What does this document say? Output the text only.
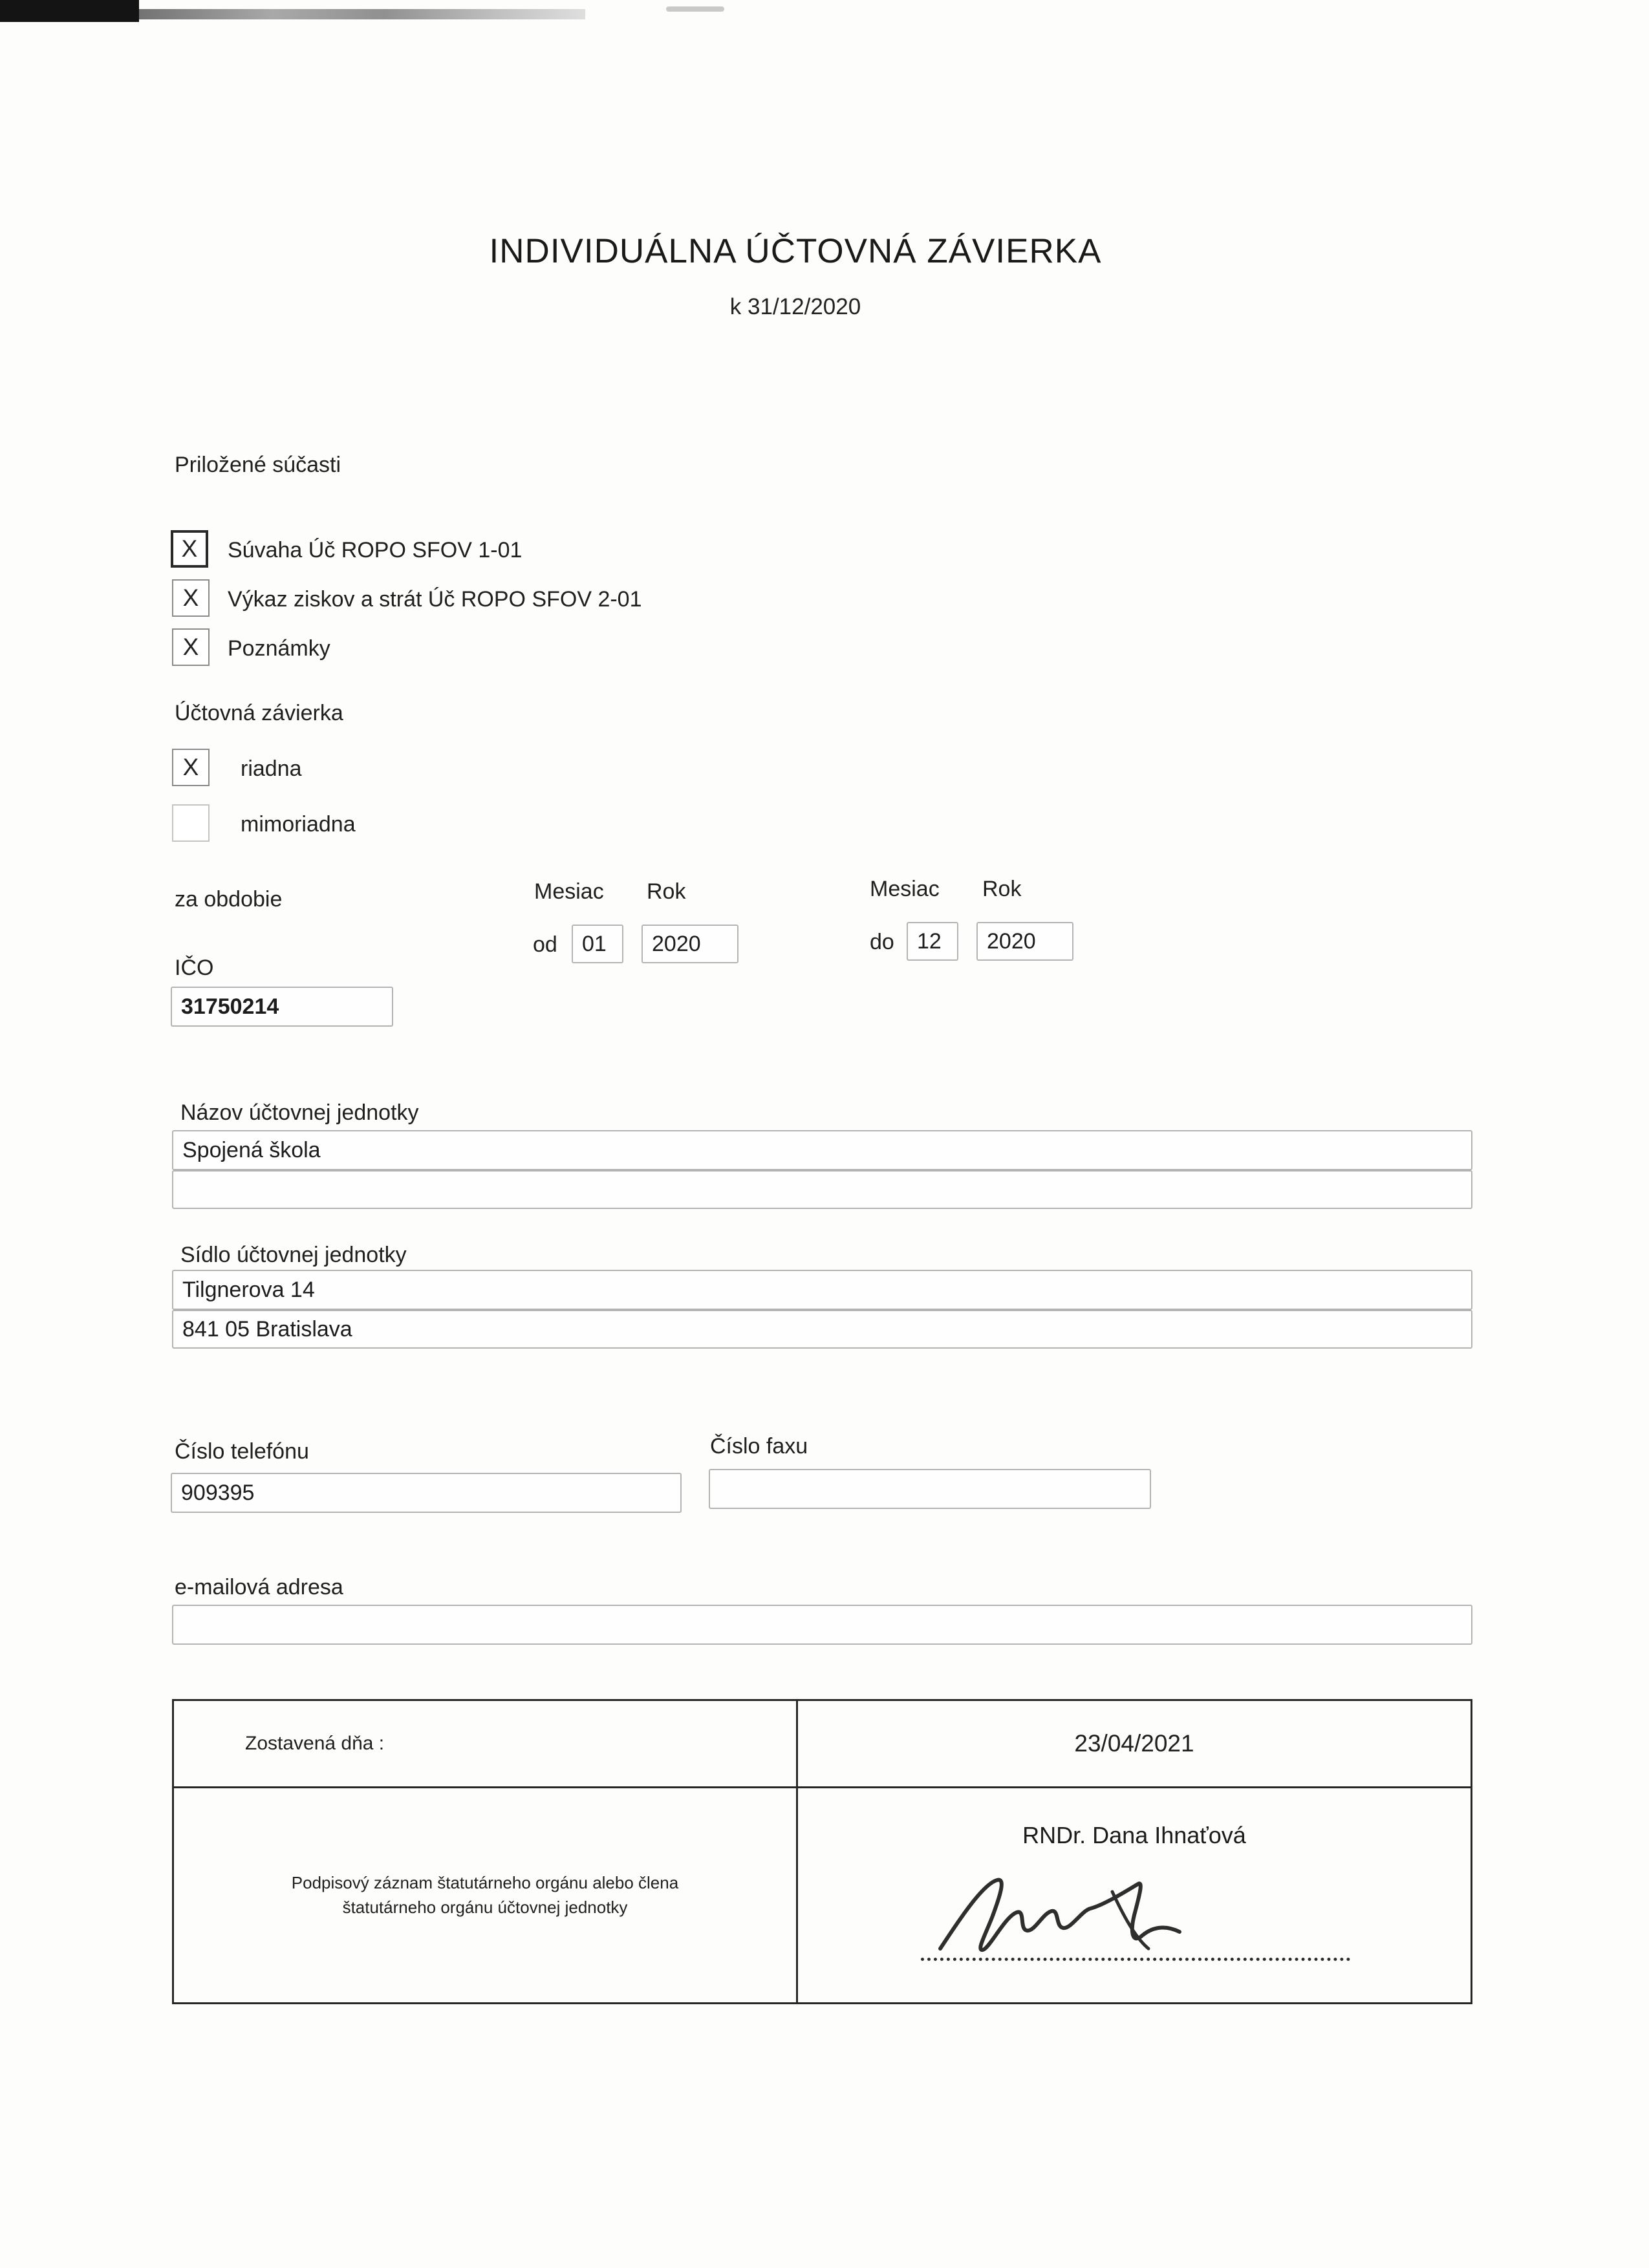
INDIVIDUÁLNA ÚČTOVNÁ ZÁVIERKA
k 31/12/2020
Priložené súčasti
X Súvaha Úč ROPO SFOV 1-01
X Výkaz ziskov a strát Úč ROPO SFOV 2-01
X Poznámky
Účtovná závierka
X riadna
mimoriadna
za obdobie	Mesiac Rok	Mesiac Rok
od 01 2020	do 12 2020
IČO
31750214
Názov účtovnej jednotky
Spojená škola
Sídlo účtovnej jednotky
Tilgnerova 14
841 05 Bratislava
Číslo telefónu	Číslo faxu
909395
e-mailová adresa
Zostavená dňa :	23/04/2021
Podpisový záznam štatutárneho orgánu alebo člena štatutárneho orgánu účtovnej jednotky
RNDr. Dana Ihnaťová
